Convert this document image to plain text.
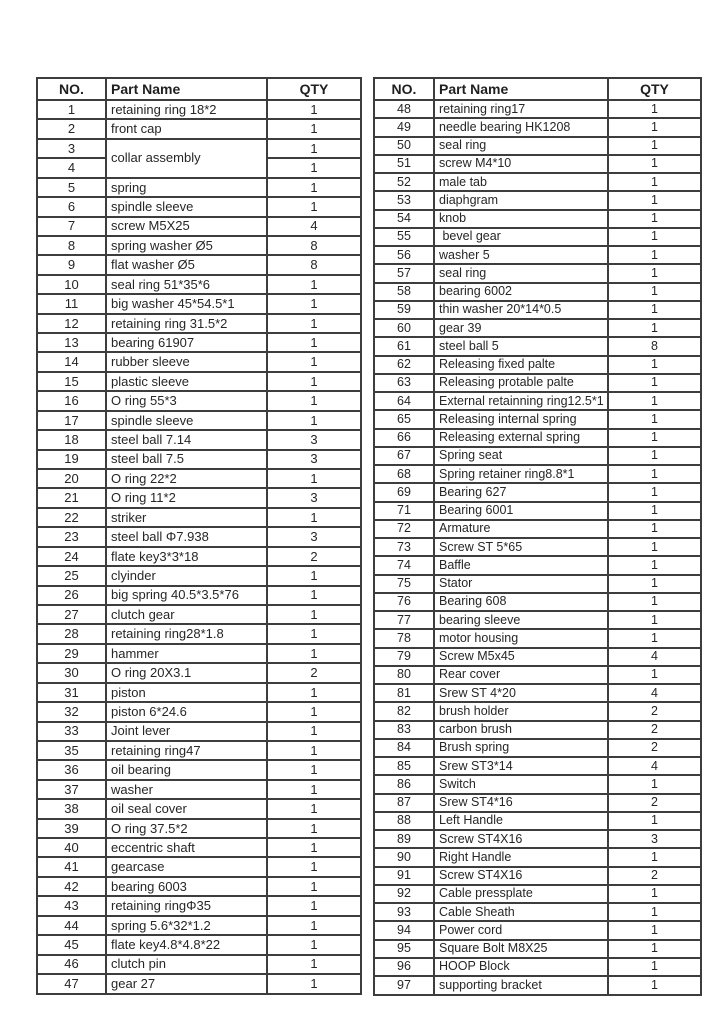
NO.	Part Name	QTY
1	retaining ring 18*2	1
2	front cap	1
3	collar assembly	1
4		1
5	spring	1
6	spindle sleeve	1
7	screw M5X25	4
8	spring washer Ø5	8
9	flat washer Ø5	8
10	seal ring 51*35*6	1
11	big washer 45*54.5*1	1
12	retaining ring 31.5*2	1
13	bearing 61907	1
14	rubber sleeve	1
15	plastic sleeve	1
16	O ring 55*3	1
17	spindle sleeve	1
18	steel ball 7.14	3
19	steel ball 7.5	3
20	O ring 22*2	1
21	O ring 11*2	3
22	striker	1
23	steel ball Φ7.938	3
24	flate key3*3*18	2
25	clyinder	1
26	big spring 40.5*3.5*76	1
27	clutch gear	1
28	retaining ring28*1.8	1
29	hammer	1
30	O ring 20X3.1	2
31	piston	1
32	piston 6*24.6	1
33	Joint lever	1
35	retaining ring47	1
36	oil bearing	1
37	washer	1
38	oil seal cover	1
39	O ring 37.5*2	1
40	eccentric shaft	1
41	gearcase	1
42	bearing 6003	1
43	retaining ringΦ35	1
44	spring 5.6*32*1.2	1
45	flate key4.8*4.8*22	1
46	clutch pin	1
47	gear 27	1
NO.	Part Name	QTY
48	retaining ring17	1
49	needle bearing HK1208	1
50	seal ring	1
51	screw M4*10	1
52	male tab	1
53	diaphgram	1
54	knob	1
55	bevel gear	1
56	washer 5	1
57	seal ring	1
58	bearing 6002	1
59	thin washer 20*14*0.5	1
60	gear 39	1
61	steel ball 5	8
62	Releasing fixed palte	1
63	Releasing protable palte	1
64	External retainning ring12.5*1	1
65	Releasing internal spring	1
66	Releasing external spring	1
67	Spring seat	1
68	Spring retainer ring8.8*1	1
69	Bearing 627	1
71	Bearing 6001	1
72	Armature	1
73	Screw ST 5*65	1
74	Baffle	1
75	Stator	1
76	Bearing 608	1
77	bearing sleeve	1
78	motor housing	1
79	Screw M5x45	4
80	Rear cover	1
81	Srew ST 4*20	4
82	brush holder	2
83	carbon brush	2
84	Brush spring	2
85	Srew ST3*14	4
86	Switch	1
87	Srew ST4*16	2
88	Left Handle	1
89	Screw ST4X16	3
90	Right Handle	1
91	Screw ST4X16	2
92	Cable pressplate	1
93	Cable Sheath	1
94	Power cord	1
95	Square Bolt M8X25	1
96	HOOP Block	1
97	supporting bracket	1
